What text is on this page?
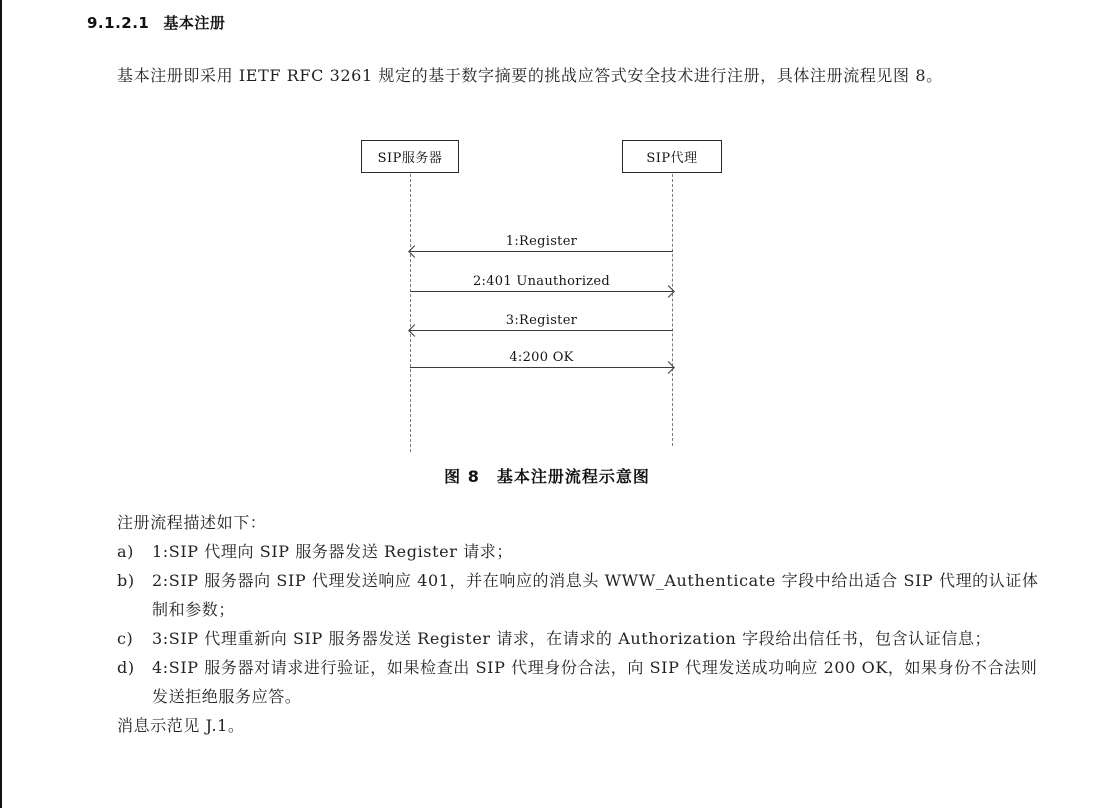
9.1.2.1 基本注册

基本注册即采用 IETF RFC 3261 规定的基于数字摘要的挑战应答式安全技术进行注册，具体注册流程见图 8。

SIP服务器	SIP代理
1:Register
2:401 Unauthorized
3:Register
4:200 OK
图 8　基本注册流程示意图
注册流程描述如下：
a) 1:SIP 代理向 SIP 服务器发送 Register 请求；
b) 2:SIP 服务器向 SIP 代理发送响应 401，并在响应的消息头 WWW_Authenticate 字段中给出适合 SIP 代理的认证体制和参数；
c) 3:SIP 代理重新向 SIP 服务器发送 Register 请求，在请求的 Authorization 字段给出信任书，包含认证信息；
d) 4:SIP 服务器对请求进行验证，如果检查出 SIP 代理身份合法，向 SIP 代理发送成功响应 200 OK，如果身份不合法则发送拒绝服务应答。
消息示范见 J.1。
